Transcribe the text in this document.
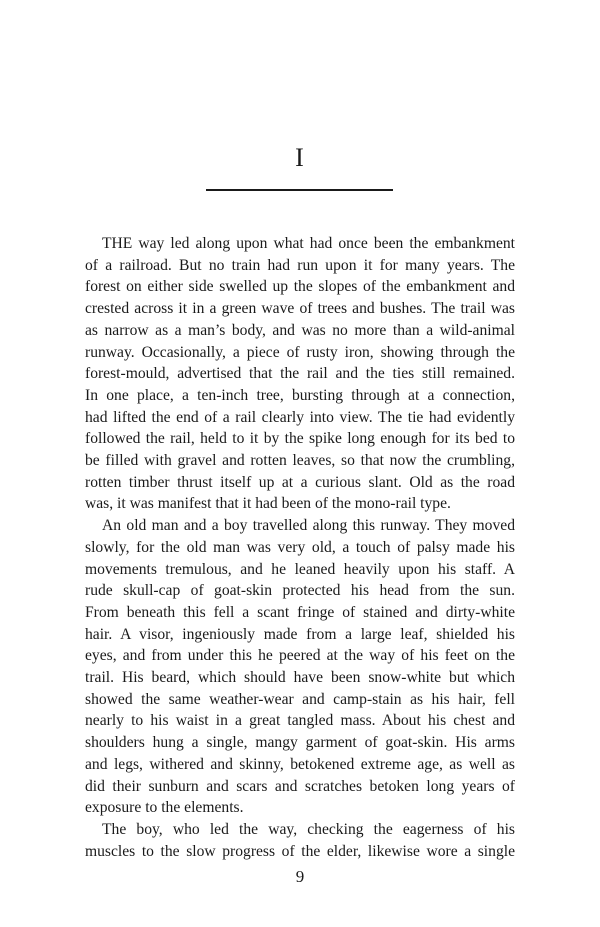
I

THE way led along upon what had once been the embankment
of a railroad. But no train had run upon it for many years. The
forest on either side swelled up the slopes of the embankment and
crested across it in a green wave of trees and bushes. The trail was
as narrow as a man’s body, and was no more than a wild-animal
runway. Occasionally, a piece of rusty iron, showing through the
forest-mould, advertised that the rail and the ties still remained.
In one place, a ten-inch tree, bursting through at a connection,
had lifted the end of a rail clearly into view. The tie had evidently
followed the rail, held to it by the spike long enough for its bed to
be filled with gravel and rotten leaves, so that now the crumbling,
rotten timber thrust itself up at a curious slant. Old as the road
was, it was manifest that it had been of the mono-rail type.

An old man and a boy travelled along this runway. They moved
slowly, for the old man was very old, a touch of palsy made his
movements tremulous, and he leaned heavily upon his staff. A
rude skull-cap of goat-skin protected his head from the sun.
From beneath this fell a scant fringe of stained and dirty-white
hair. A visor, ingeniously made from a large leaf, shielded his
eyes, and from under this he peered at the way of his feet on the
trail. His beard, which should have been snow-white but which
showed the same weather-wear and camp-stain as his hair, fell
nearly to his waist in a great tangled mass. About his chest and
shoulders hung a single, mangy garment of goat-skin. His arms
and legs, withered and skinny, betokened extreme age, as well as
did their sunburn and scars and scratches betoken long years of
exposure to the elements.

The boy, who led the way, checking the eagerness of his
muscles to the slow progress of the elder, likewise wore a single

9
